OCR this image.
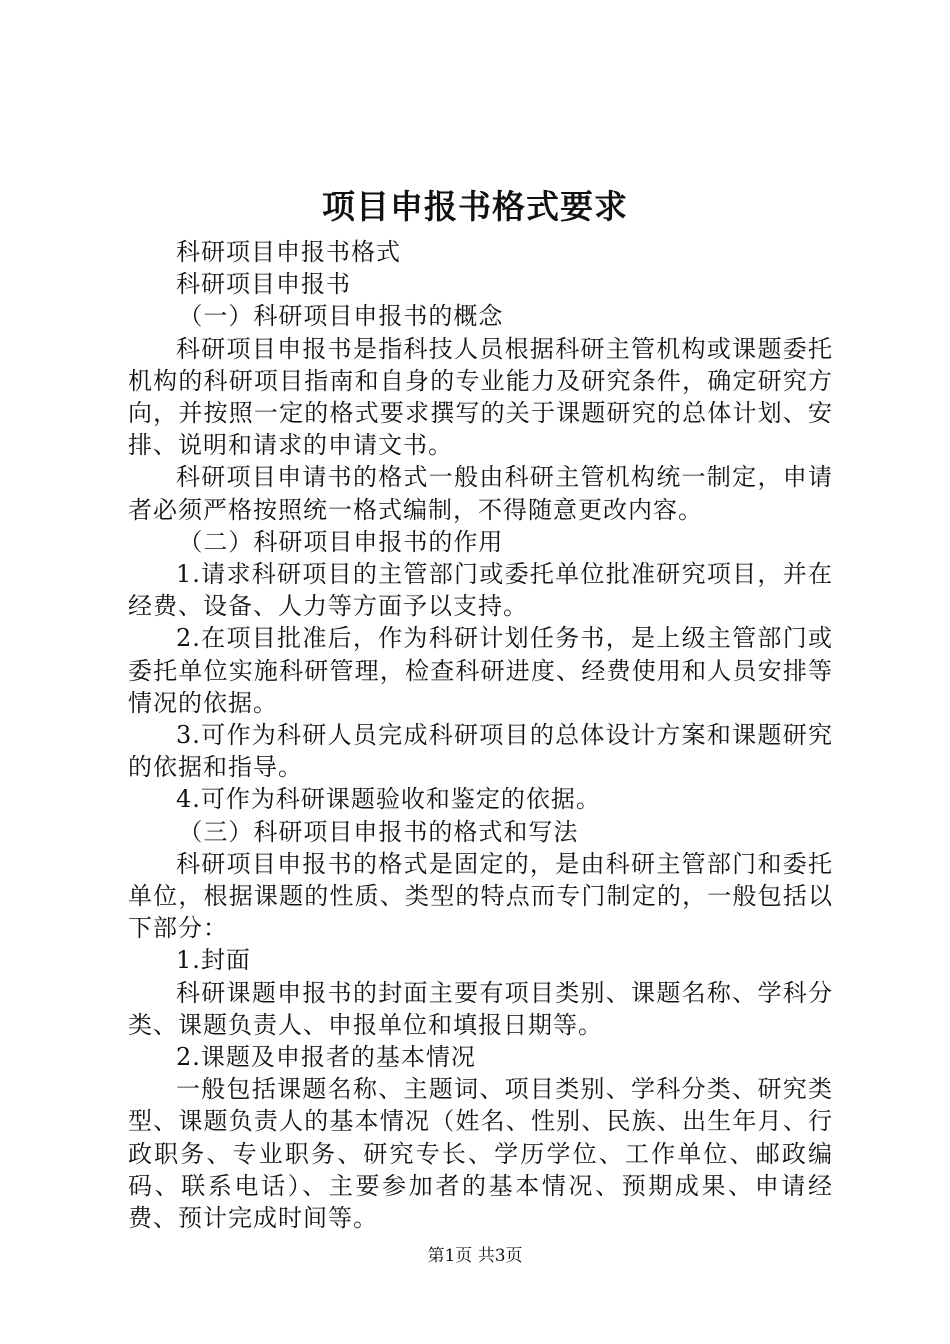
项目申报书格式要求

科研项目申报书格式

科研项目申报书

（一）科研项目申报书的概念

科研项目申报书是指科技人员根据科研主管机构或课题委托机构的科研项目指南和自身的专业能力及研究条件，确定研究方向，并按照一定的格式要求撰写的关于课题研究的总体计划、安排、说明和请求的申请文书。

科研项目申请书的格式一般由科研主管机构统一制定，申请者必须严格按照统一格式编制，不得随意更改内容。

（二）科研项目申报书的作用

1.请求科研项目的主管部门或委托单位批准研究项目，并在经费、设备、人力等方面予以支持。

2.在项目批准后，作为科研计划任务书，是上级主管部门或委托单位实施科研管理，检查科研进度、经费使用和人员安排等情况的依据。

3.可作为科研人员完成科研项目的总体设计方案和课题研究的依据和指导。

4.可作为科研课题验收和鉴定的依据。

（三）科研项目申报书的格式和写法

科研项目申报书的格式是固定的，是由科研主管部门和委托单位，根据课题的性质、类型的特点而专门制定的，一般包括以下部分：

1.封面

科研课题申报书的封面主要有项目类别、课题名称、学科分类、课题负责人、申报单位和填报日期等。

2.课题及申报者的基本情况

一般包括课题名称、主题词、项目类别、学科分类、研究类型、课题负责人的基本情况（姓名、性别、民族、出生年月、行政职务、专业职务、研究专长、学历学位、工作单位、邮政编码、联系电话）、主要参加者的基本情况、预期成果、申请经费、预计完成时间等。

第1页 共3页
